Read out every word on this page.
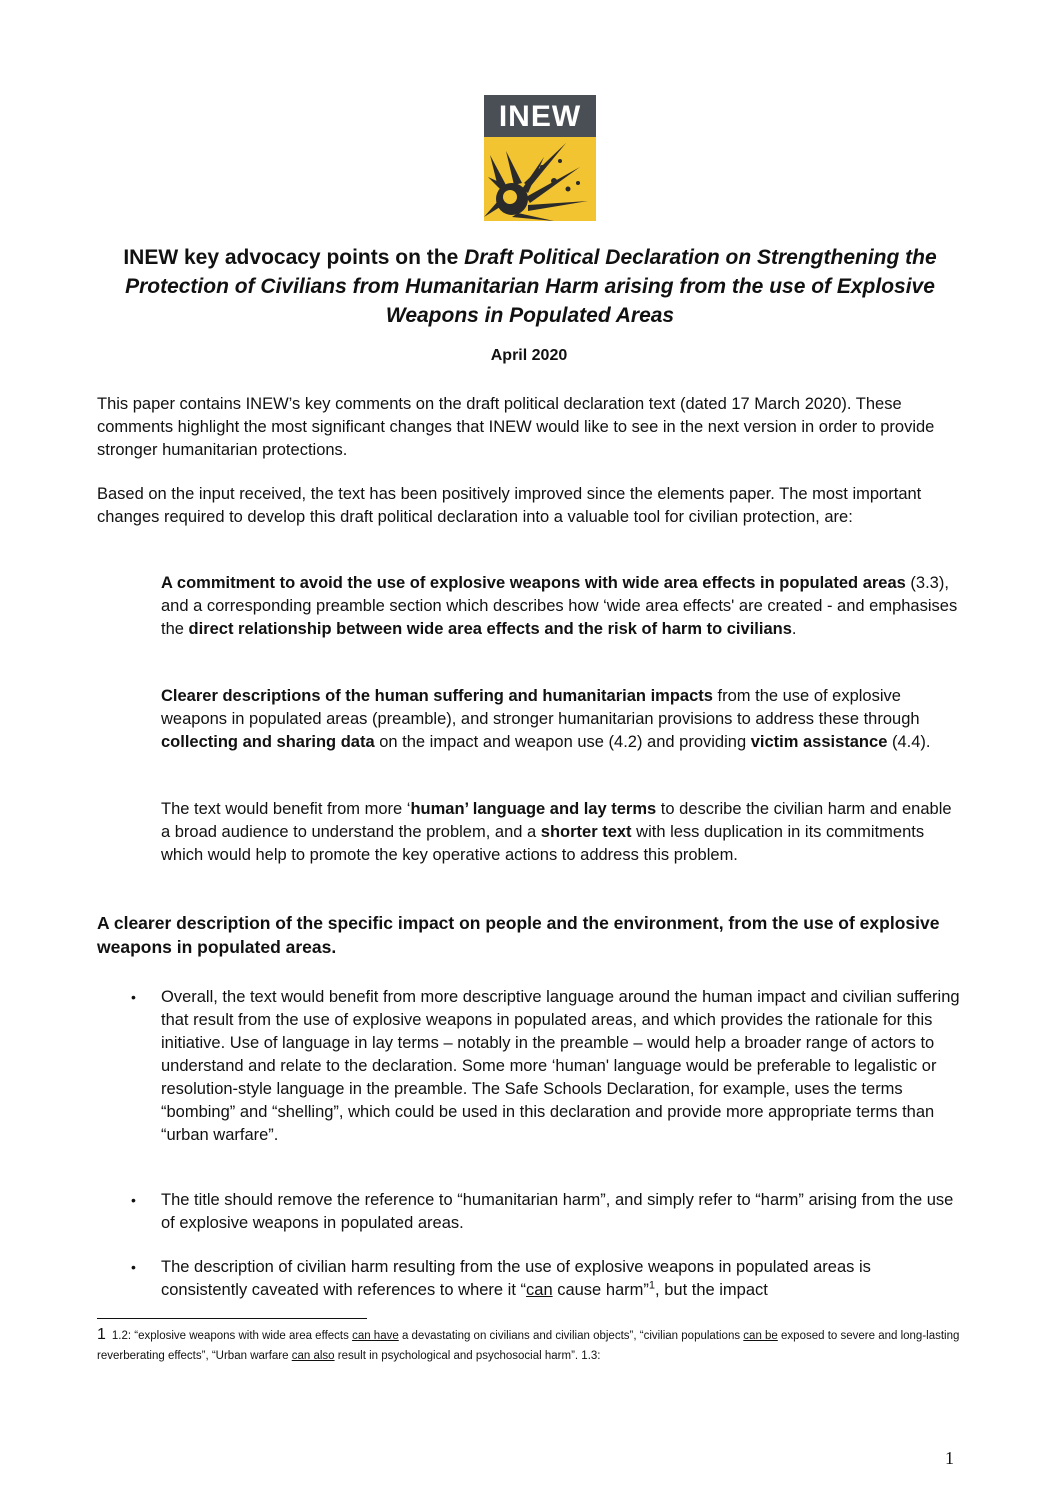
INEW
INEW key advocacy points on the Draft Political Declaration on Strengthening the Protection of Civilians from Humanitarian Harm arising from the use of Explosive Weapons in Populated Areas
April 2020

This paper contains INEW’s key comments on the draft political declaration text (dated 17 March 2020). These comments highlight the most significant changes that INEW would like to see in the next version in order to provide stronger humanitarian protections.

Based on the input received, the text has been positively improved since the elements paper. The most important changes required to develop this draft political declaration into a valuable tool for civilian protection, are:

A commitment to avoid the use of explosive weapons with wide area effects in populated areas (3.3), and a corresponding preamble section which describes how ‘wide area effects' are created - and emphasises the direct relationship between wide area effects and the risk of harm to civilians.

Clearer descriptions of the human suffering and humanitarian impacts from the use of explosive weapons in populated areas (preamble), and stronger humanitarian provisions to address these through collecting and sharing data on the impact and weapon use (4.2) and providing victim assistance (4.4).

The text would benefit from more ‘human’ language and lay terms to describe the civilian harm and enable a broad audience to understand the problem, and a shorter text with less duplication in its commitments which would help to promote the key operative actions to address this problem.

A clearer description of the specific impact on people and the environment, from the use of explosive weapons in populated areas.
• Overall, the text would benefit from more descriptive language around the human impact and civilian suffering that result from the use of explosive weapons in populated areas, and which provides the rationale for this initiative. Use of language in lay terms – notably in the preamble – would help a broader range of actors to understand and relate to the declaration. Some more ‘human' language would be preferable to legalistic or resolution-style language in the preamble. The Safe Schools Declaration, for example, uses the terms “bombing” and “shelling”, which could be used in this declaration and provide more appropriate terms than “urban warfare”.
• The title should remove the reference to “humanitarian harm”, and simply refer to “harm” arising from the use of explosive weapons in populated areas.
• The description of civilian harm resulting from the use of explosive weapons in populated areas is consistently caveated with references to where it “can cause harm”$^1$, but the impact

1 1.2: “explosive weapons with wide area effects can have a devastating on civilians and civilian objects”, “civilian populations can be exposed to severe and long-lasting reverberating effects”, “Urban warfare can also result in psychological and psychosocial harm”. 1.3:

1
